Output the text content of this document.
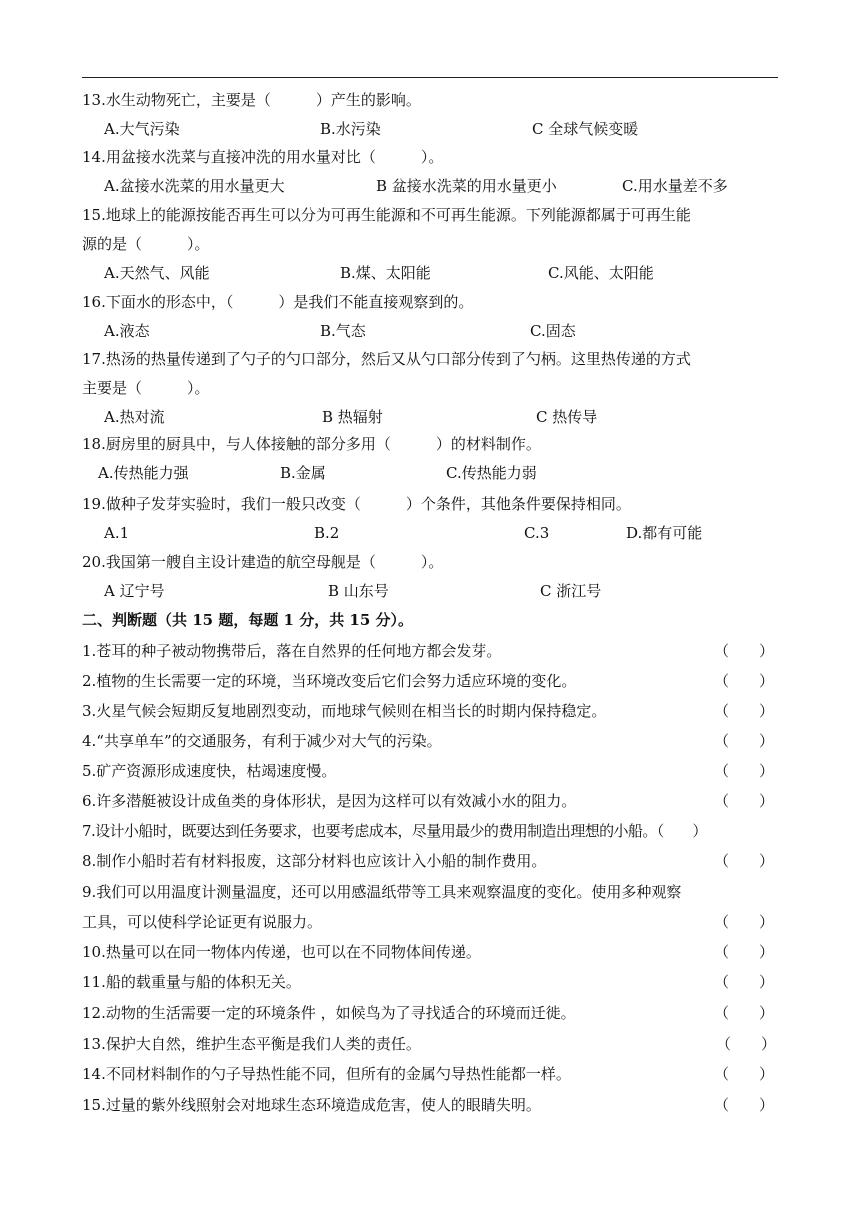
13.水生动物死亡，主要是（　　　）产生的影响。
A.大气污染	B.水污染	C 全球气候变暖
14.用盆接水洗菜与直接冲洗的用水量对比（　　　）。
A.盆接水洗菜的用水量更大	B 盆接水洗菜的用水量更小	C.用水量差不多
15.地球上的能源按能否再生可以分为可再生能源和不可再生能源。下列能源都属于可再生能
源的是（　　　）。
A.天然气、风能	B.煤、太阳能	C.风能、太阳能
16.下面水的形态中，（　　　）是我们不能直接观察到的。
A.液态	B.气态	C.固态
17.热汤的热量传递到了勺子的勺口部分，然后又从勺口部分传到了勺柄。这里热传递的方式
主要是（　　　）。
A.热对流	B 热辐射	C 热传导
18.厨房里的厨具中，与人体接触的部分多用（　　　）的材料制作。
A.传热能力强	B.金属	C.传热能力弱
19.做种子发芽实验时，我们一般只改变（　　　）个条件，其他条件要保持相同。
A.1	B.2	C.3	D.都有可能
20.我国第一艘自主设计建造的航空母舰是（　　　）。
A 辽宁号	B 山东号	C 浙江号
二、判断题（共 15 题，每题 1 分，共 15 分）。
1.苍耳的种子被动物携带后，落在自然界的任何地方都会发芽。	（　　）
2.植物的生长需要一定的环境，当环境改变后它们会努力适应环境的变化。	（　　）
3.火星气候会短期反复地剧烈变动，而地球气候则在相当长的时期内保持稳定。	（　　）
4.“共享单车”的交通服务，有利于减少对大气的污染。	（　　）
5.矿产资源形成速度快，枯竭速度慢。	（　　）
6.许多潜艇被设计成鱼类的身体形状，是因为这样可以有效减小水的阻力。	（　　）
7.设计小船时，既要达到任务要求，也要考虑成本，尽量用最少的费用制造出理想的小船。（　　）
8.制作小船时若有材料报废，这部分材料也应该计入小船的制作费用。	（　　）
9.我们可以用温度计测量温度，还可以用感温纸带等工具来观察温度的变化。使用多种观察
工具，可以使科学论证更有说服力。	（　　）
10.热量可以在同一物体内传递，也可以在不同物体间传递。	（　　）
11.船的载重量与船的体积无关。	（　　）
12.动物的生活需要一定的环境条件 ，如候鸟为了寻找适合的环境而迁徙。	（　　）
13.保护大自然，维护生态平衡是我们人类的责任。	（　　）
14.不同材料制作的勺子导热性能不同，但所有的金属勺导热性能都一样。	（　　）
15.过量的紫外线照射会对地球生态环境造成危害，使人的眼睛失明。	（　　）
